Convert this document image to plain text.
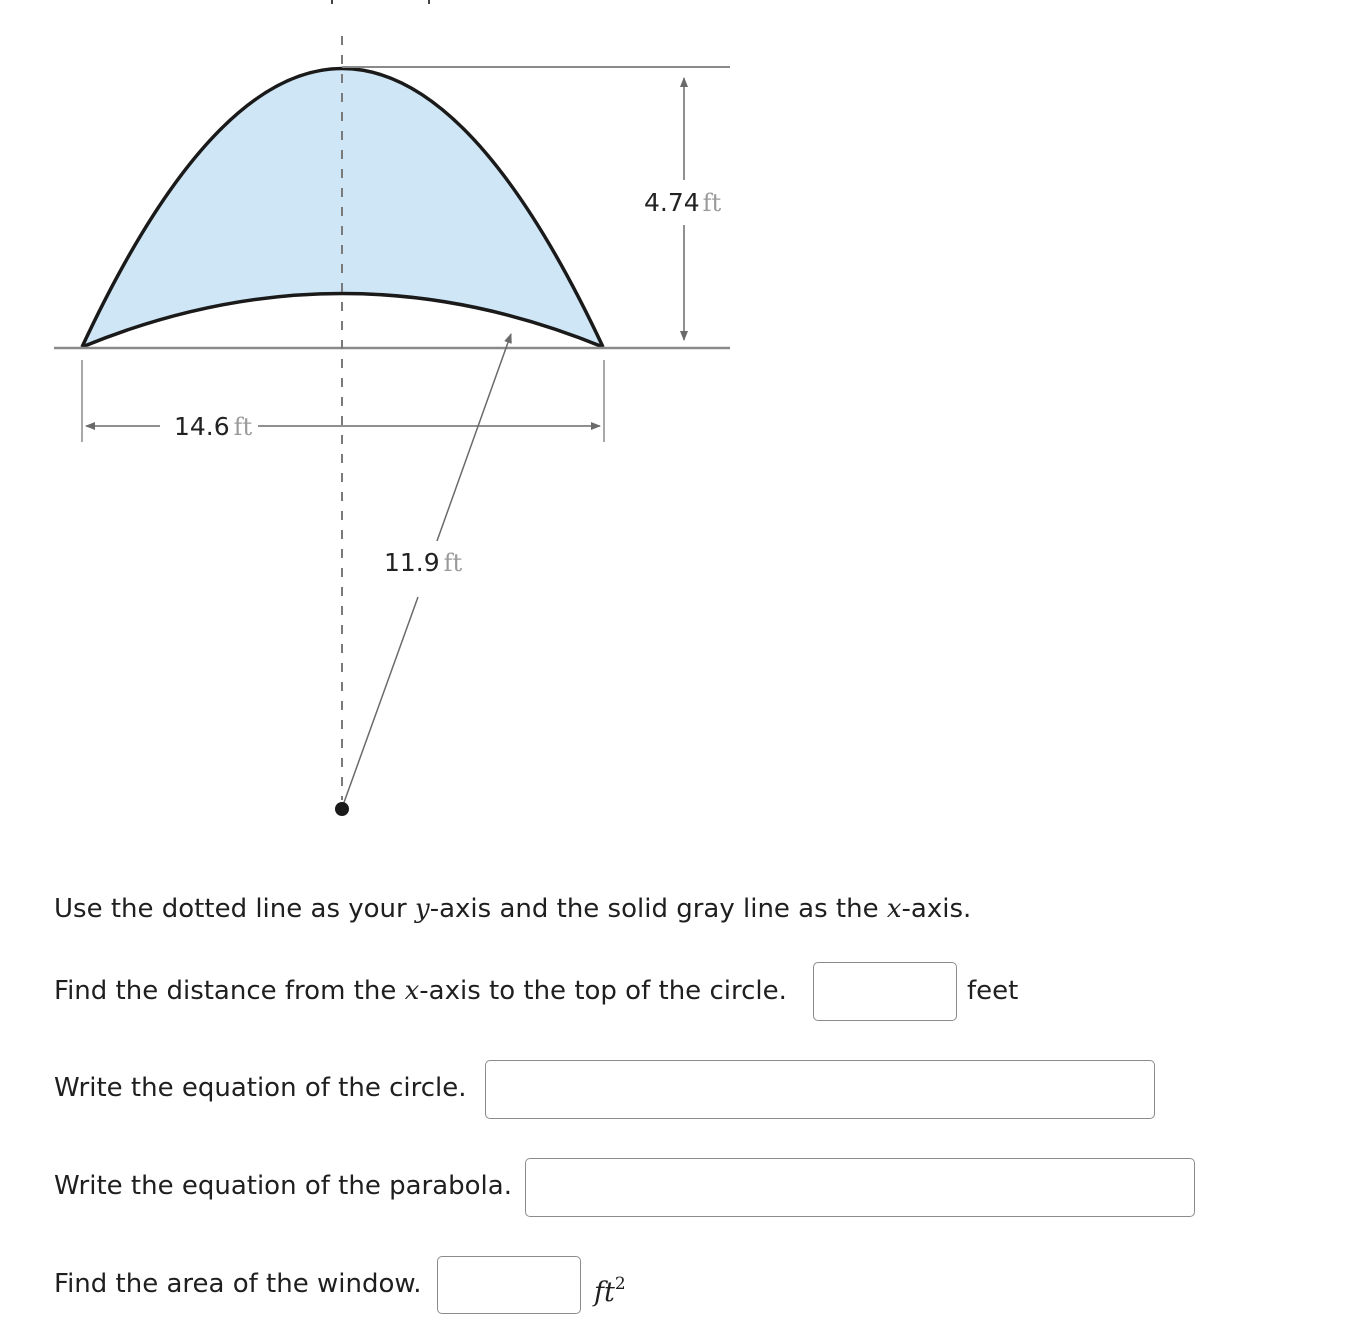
4.74 ft
14.6 ft
11.9 ft
Use the dotted line as your y-axis and the solid gray line as the x-axis.
Find the distance from the x-axis to the top of the circle.	feet
Write the equation of the circle.
Write the equation of the parabola.
Find the area of the window.	$ft^2$
